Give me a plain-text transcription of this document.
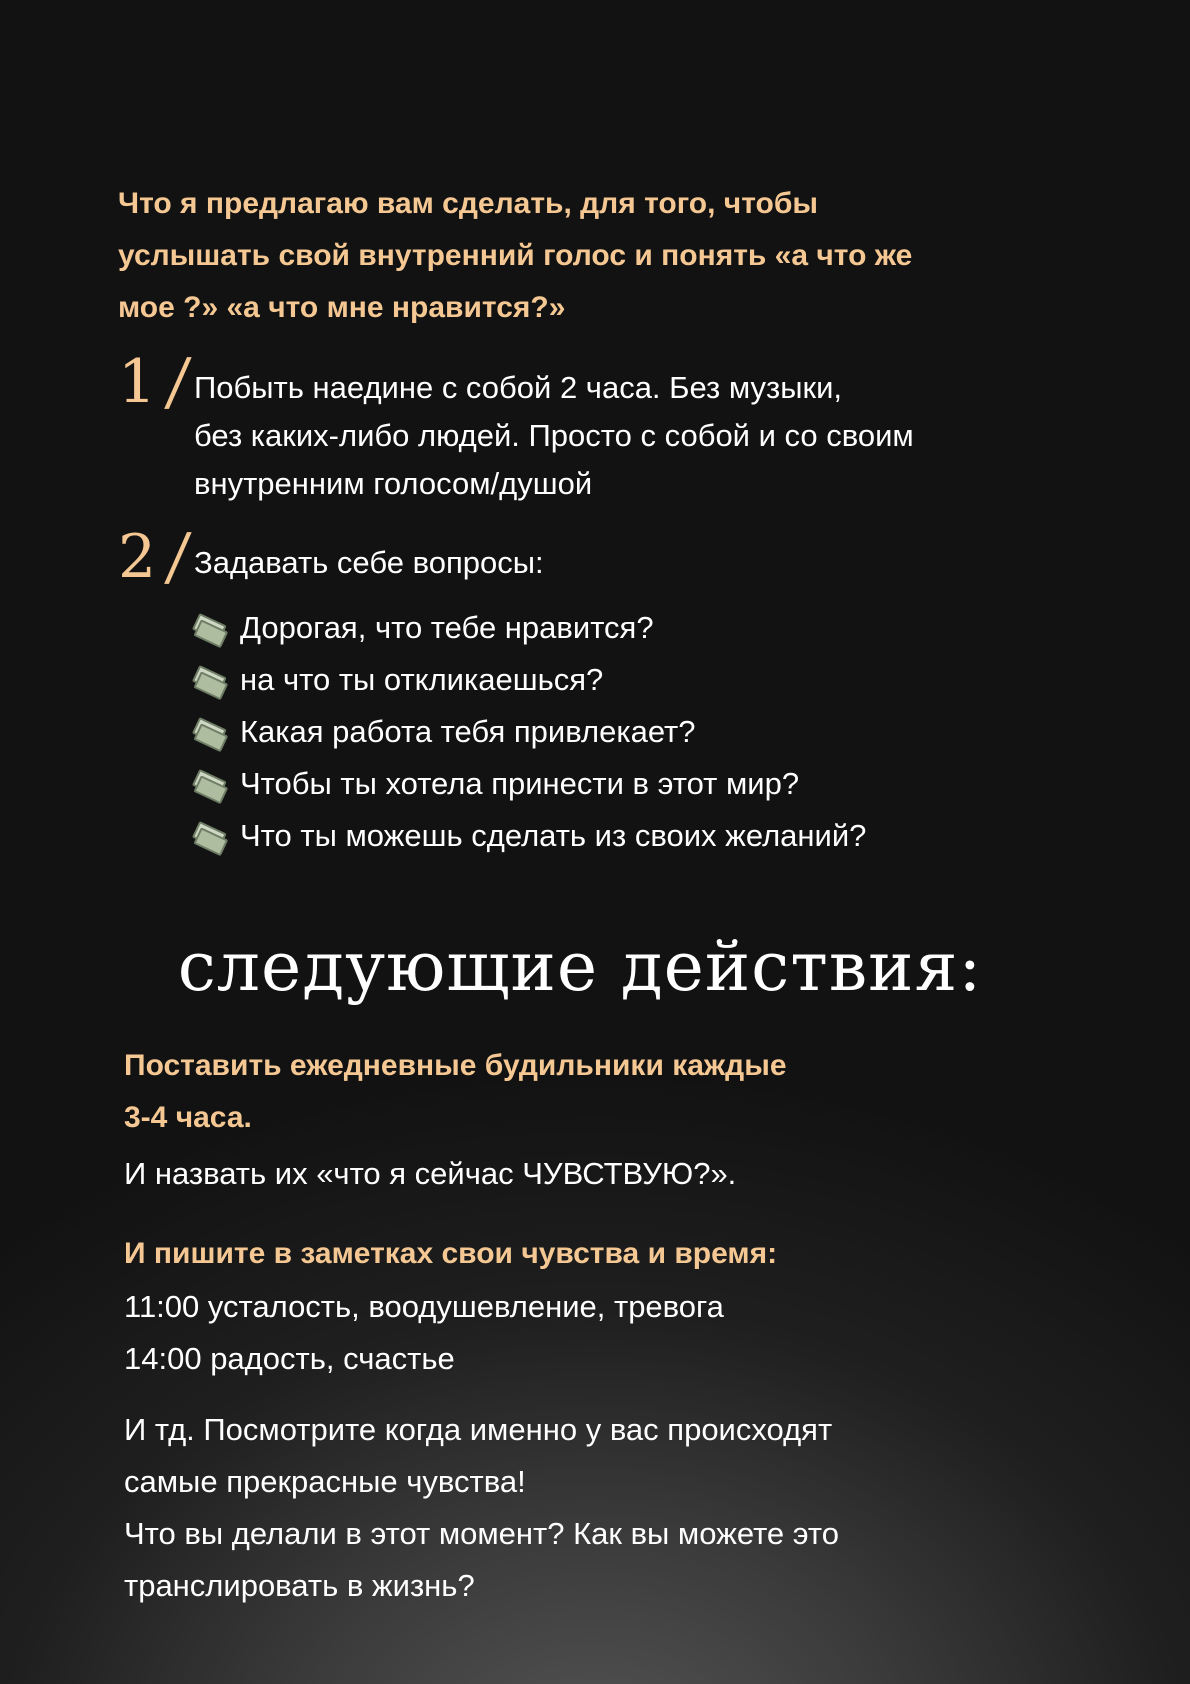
Что я предлагаю вам сделать, для того, чтобы
услышать свой внутренний голос и понять «а что же
мое ?» «а что мне нравится?»

1/

Побыть наедине с собой 2 часа. Без музыки,
без каких-либо людей. Просто с собой и со своим
внутренним голосом/душой

2/

Задавать себе вопросы:

Дорогая, что тебе нравится?
на что ты откликаешься?
Какая работа тебя привлекает?
Чтобы ты хотела принести в этот мир?
Что ты можешь сделать из своих желаний?
следующие действия:

Поставить ежедневные будильники каждые
3-4 часа.

И назвать их «что я сейчас ЧУВСТВУЮ?».

И пишите в заметках свои чувства и время:

11:00 усталость, воодушевление, тревога
14:00 радость, счастье

И тд. Посмотрите когда именно у вас происходят
самые прекрасные чувства!
Что вы делали в этот момент? Как вы можете это
транслировать в жизнь?
